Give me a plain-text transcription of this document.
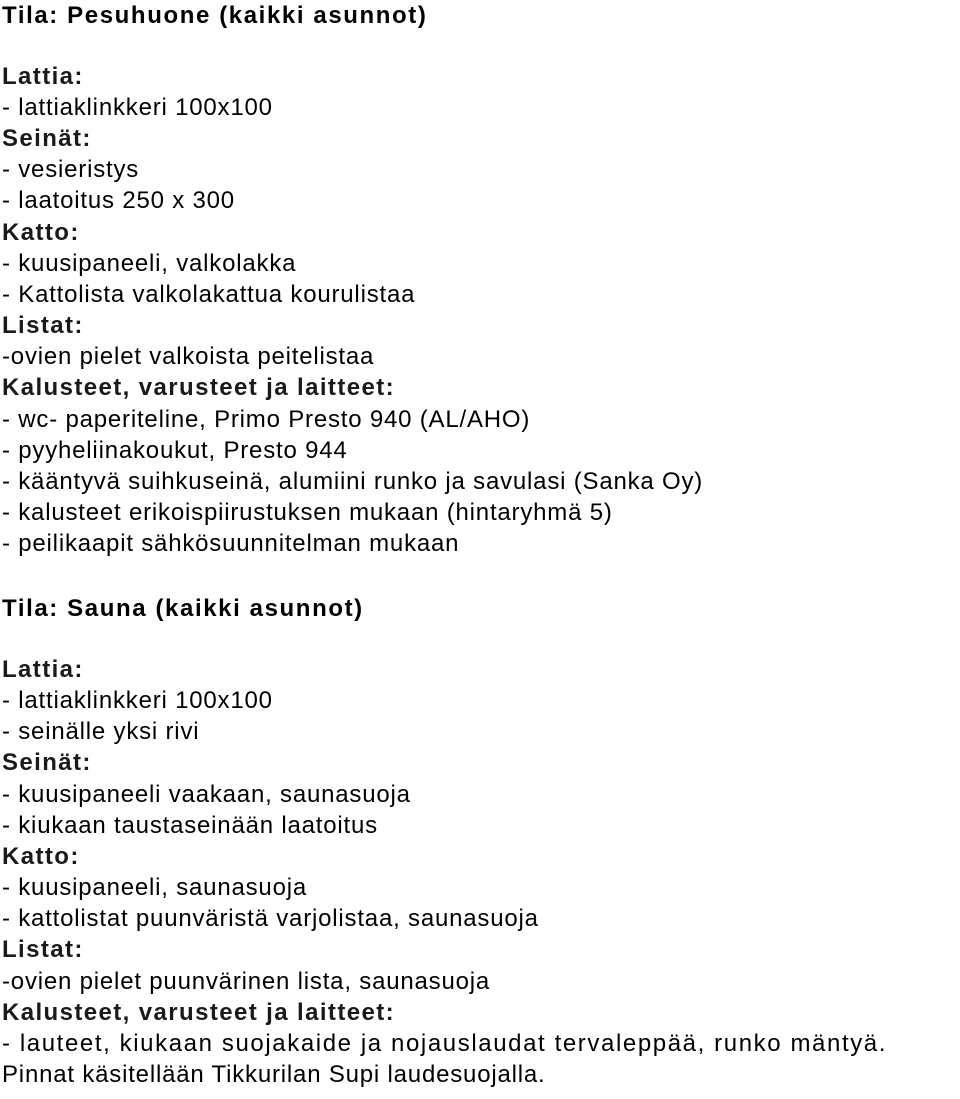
Tila: Pesuhuone (kaikki asunnot)
Lattia:
- lattiaklinkkeri 100x100
Seinät:
- vesieristys
- laatoitus 250 x 300
Katto:
- kuusipaneeli, valkolakka
- Kattolista valkolakattua kourulistaa
Listat:
-ovien pielet valkoista peitelistaa
Kalusteet, varusteet ja laitteet:
- wc- paperiteline, Primo Presto 940 (AL/AHO)
- pyyheliinakoukut, Presto 944
- kääntyvä suihkuseinä, alumiini runko ja savulasi (Sanka Oy)
- kalusteet erikoispiirustuksen mukaan (hintaryhmä 5)
- peilikaapit sähkösuunnitelman mukaan
Tila: Sauna (kaikki asunnot)
Lattia:
- lattiaklinkkeri 100x100
- seinälle yksi rivi
Seinät:
- kuusipaneeli vaakaan, saunasuoja
- kiukaan taustaseinään laatoitus
Katto:
- kuusipaneeli, saunasuoja
- kattolistat puunväristä varjolistaa, saunasuoja
Listat:
-ovien pielet puunvärinen lista, saunasuoja
Kalusteet, varusteet ja laitteet:
- lauteet, kiukaan suojakaide ja nojauslaudat tervaleppää, runko mäntyä.
Pinnat käsitellään Tikkurilan Supi laudesuojalla.
